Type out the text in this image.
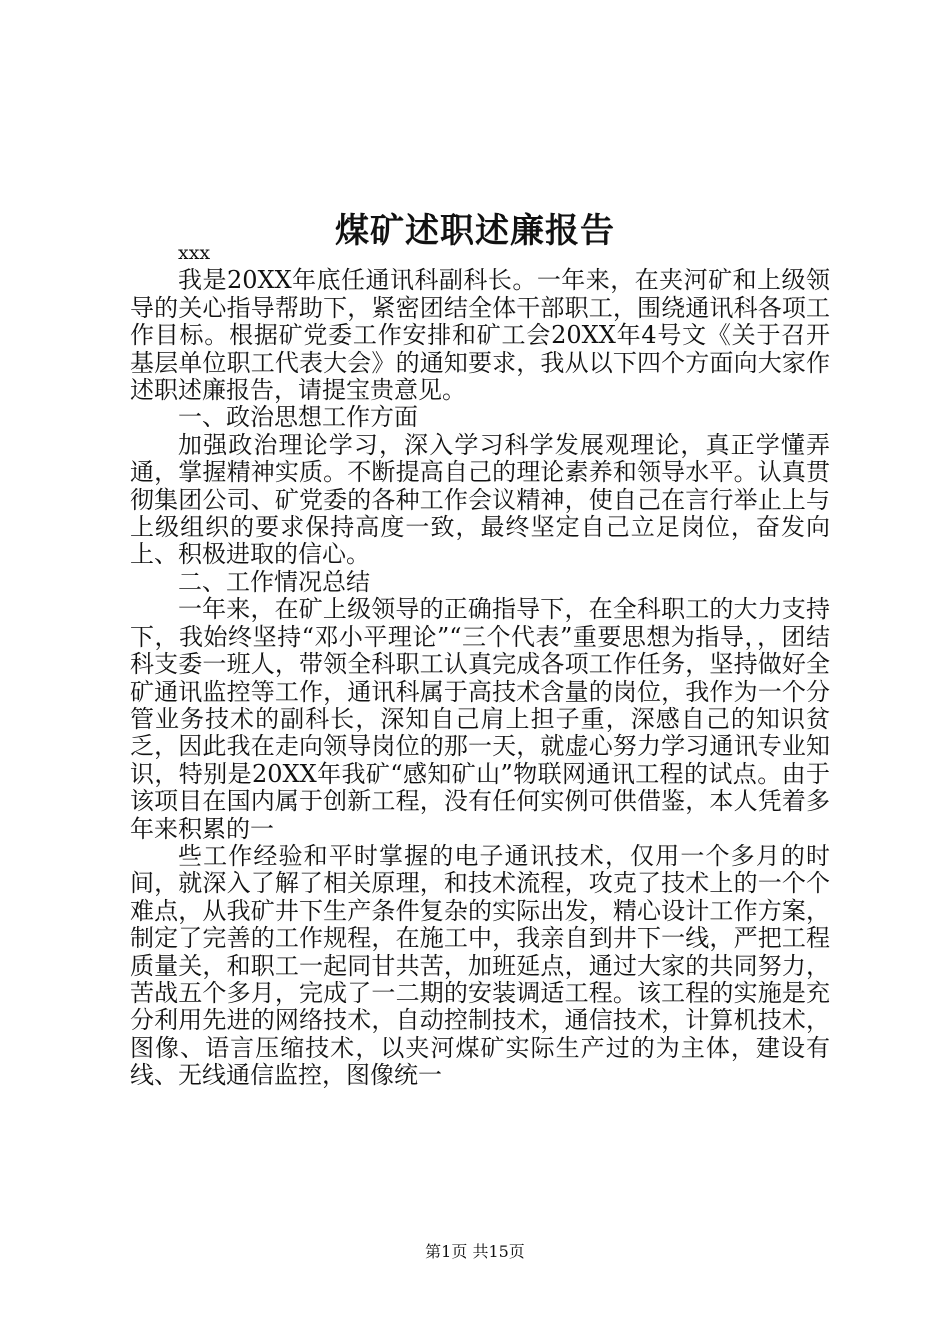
煤矿述职述廉报告

xxx

我是20XX年底任通讯科副科长。一年来，在夹河矿和上级领导的关心指导帮助下，紧密团结全体干部职工，围绕通讯科各项工作目标。根据矿党委工作安排和矿工会20XX年4号文《关于召开基层单位职工代表大会》的通知要求，我从以下四个方面向大家作述职述廉报告，请提宝贵意见。

一、政治思想工作方面

加强政治理论学习，深入学习科学发展观理论，真正学懂弄通，掌握精神实质。不断提高自己的理论素养和领导水平。认真贯彻集团公司、矿党委的各种工作会议精神，使自己在言行举止上与上级组织的要求保持高度一致，最终坚定自己立足岗位，奋发向上、积极进取的信心。

二、工作情况总结

一年来，在矿上级领导的正确指导下，在全科职工的大力支持下，我始终坚持“邓小平理论”“三个代表”重要思想为指导，，团结科支委一班人，带领全科职工认真完成各项工作任务，坚持做好全矿通讯监控等工作，通讯科属于高技术含量的岗位，我作为一个分管业务技术的副科长，深知自己肩上担子重，深感自己的知识贫乏，因此我在走向领导岗位的那一天，就虚心努力学习通讯专业知识，特别是20XX年我矿“感知矿山”物联网通讯工程的试点。由于该项目在国内属于创新工程，没有任何实例可供借鉴，本人凭着多年来积累的一

些工作经验和平时掌握的电子通讯技术，仅用一个多月的时间，就深入了解了相关原理，和技术流程，攻克了技术上的一个个难点，从我矿井下生产条件复杂的实际出发，精心设计工作方案，制定了完善的工作规程，在施工中，我亲自到井下一线，严把工程质量关，和职工一起同甘共苦，加班延点，通过大家的共同努力，苦战五个多月，完成了一二期的安装调适工程。该工程的实施是充分利用先进的网络技术，自动控制技术，通信技术，计算机技术，图像、语言压缩技术，以夹河煤矿实际生产过的为主体，建设有线、无线通信监控，图像统一

第1页 共15页
